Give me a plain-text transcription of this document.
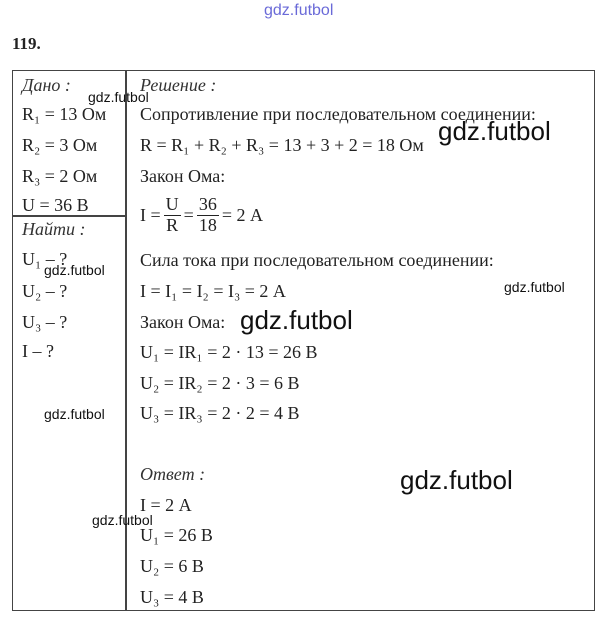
gdz.futbol
119.
Дано :
R₁ = 13 Ом
R₂ = 3 Ом
R₃ = 2 Ом
U = 36 В
Найти :
U₁ – ?
U₂ – ?
U₃ – ?
I – ?
Решение :
Сопротивление при последовательном соединении:
R = R₁ + R₂ + R₃ = 13 + 3 + 2 = 18 Ом
Закон Ома:
$I = \frac{U}{R} = \frac{36}{18} = 2$ А
Сила тока при последовательном соединении:
I = I₁ = I₂ = I₃ = 2 А
Закон Ома:
U₁ = IR₁ = 2 · 13 = 26 В
U₂ = IR₂ = 2 · 3 = 6 В
U₃ = IR₃ = 2 · 2 = 4 В
Ответ :
I = 2 А
U₁ = 26 В
U₂ = 6 В
U₃ = 4 В
gdz.futbol
gdz.futbol
gdz.futbol
gdz.futbol
gdz.futbol
gdz.futbol
gdz.futbol
gdz.futbol
